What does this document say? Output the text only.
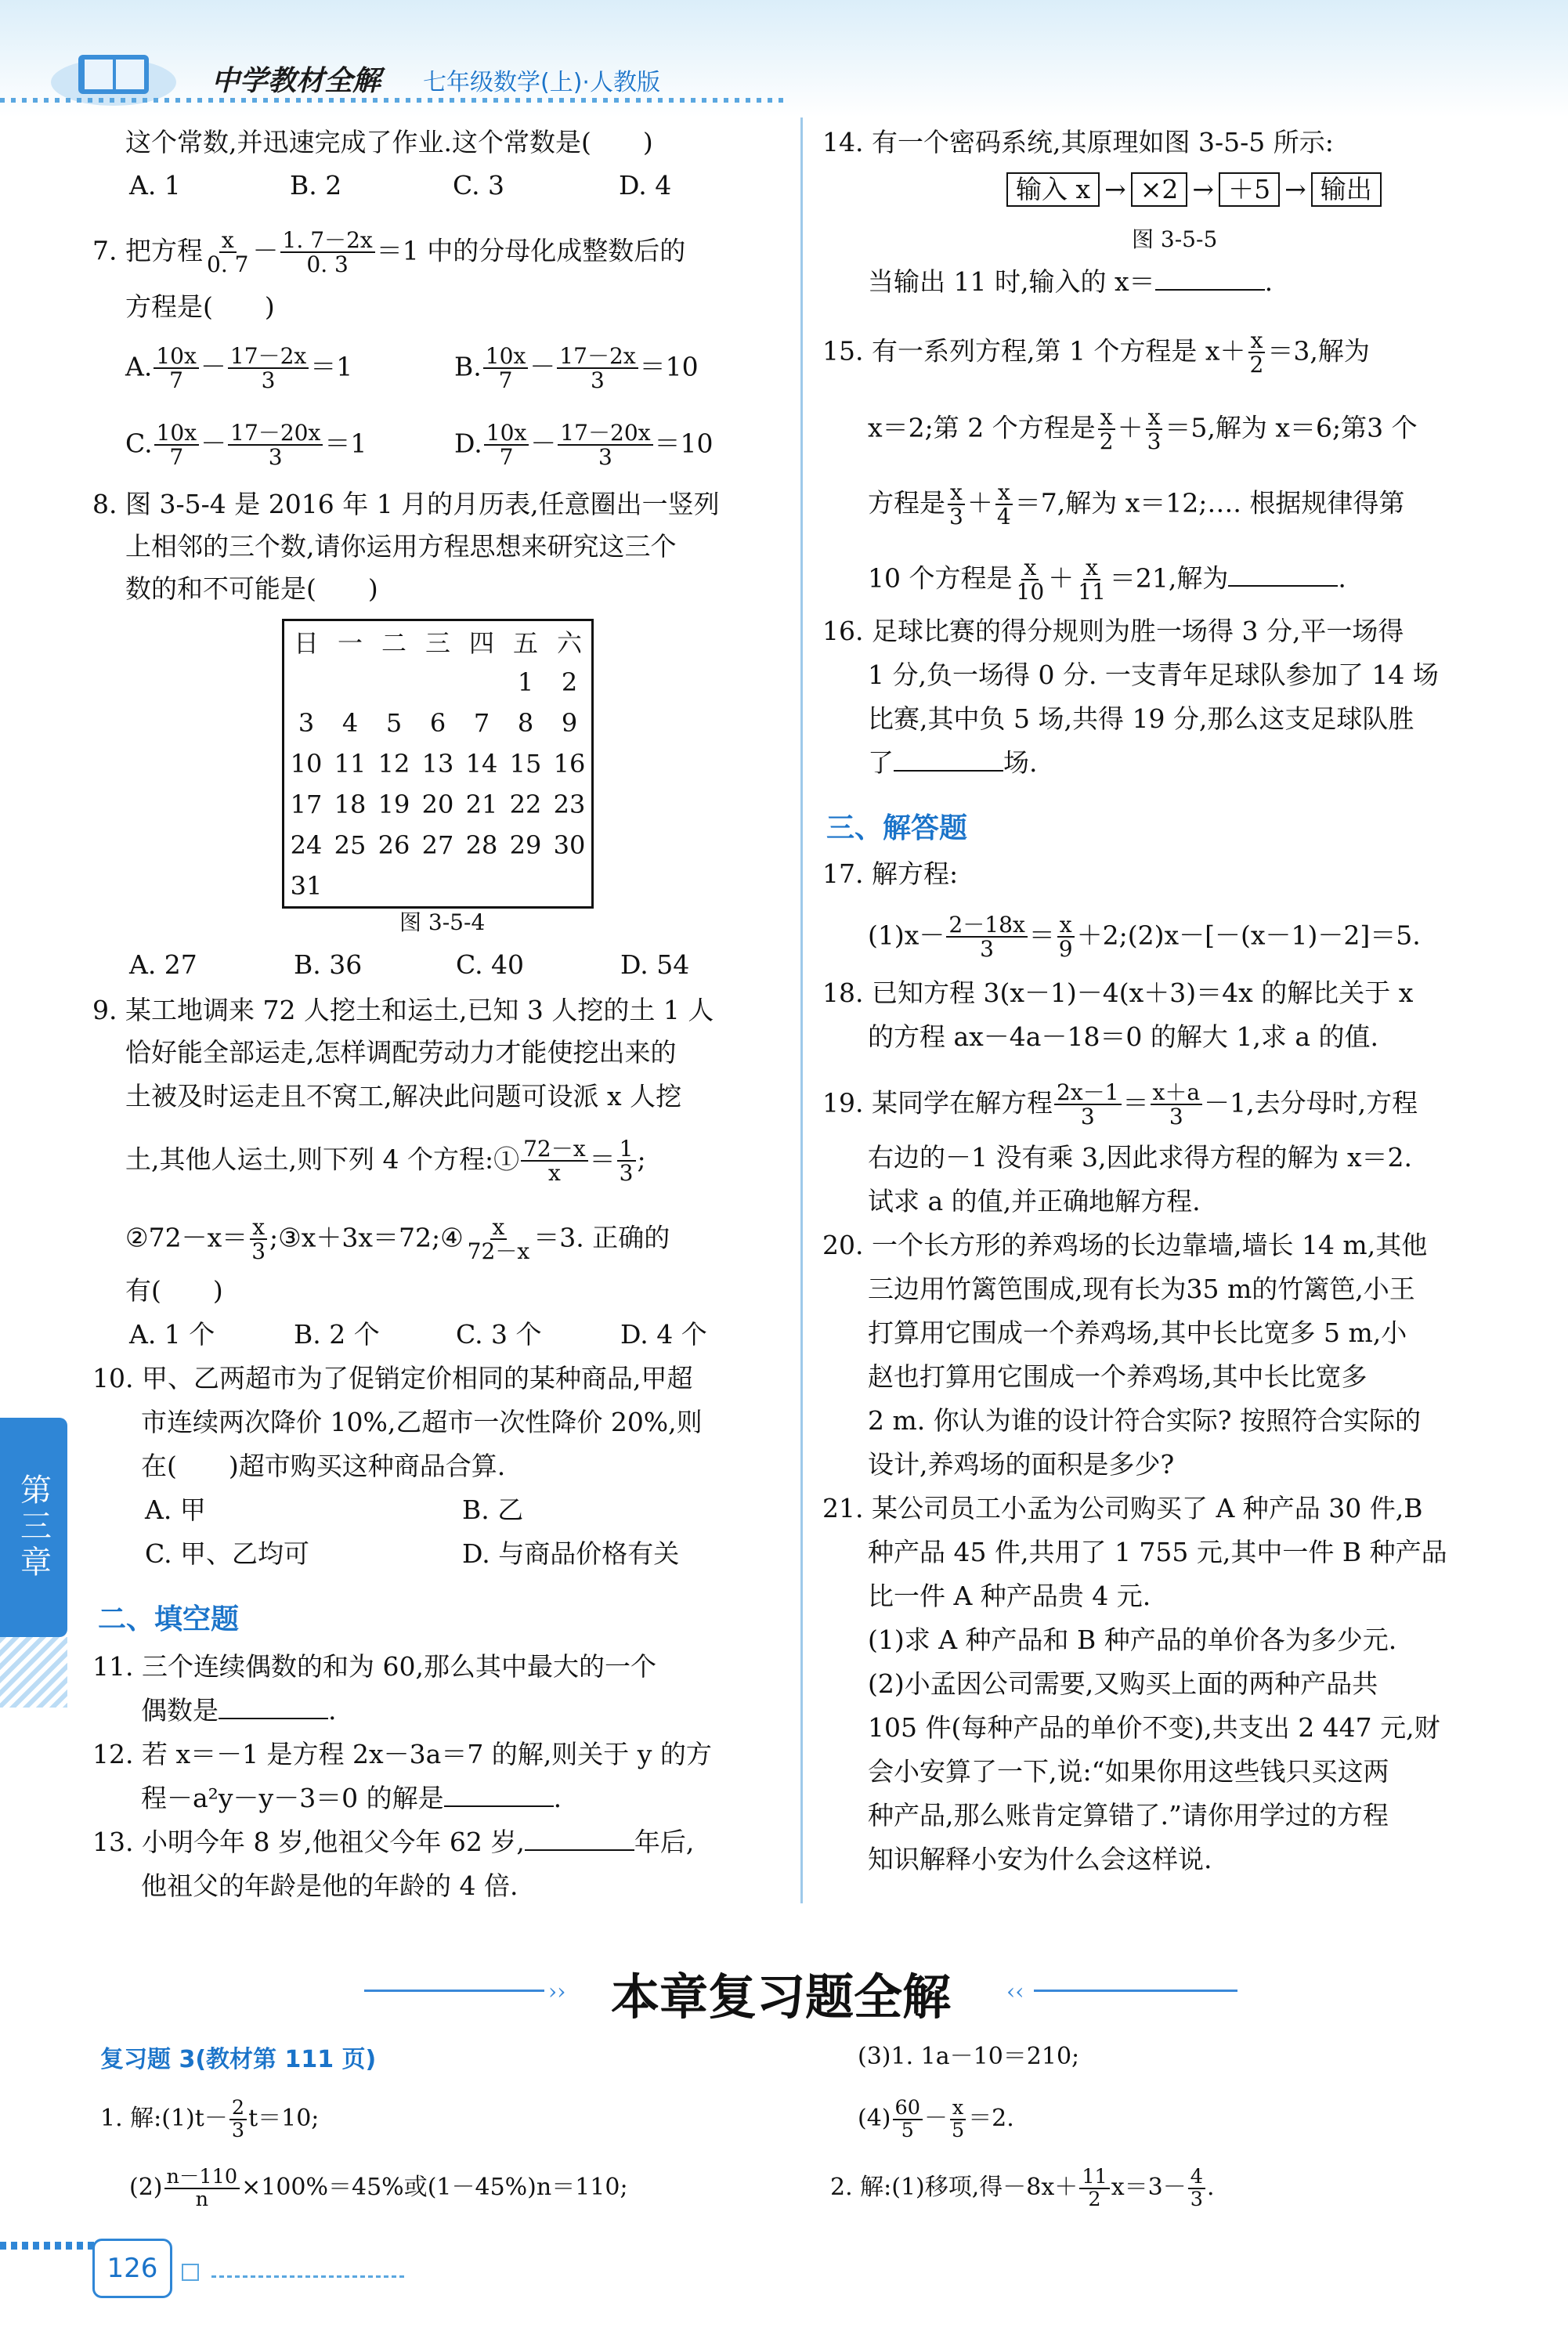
中学教材全解 七年级数学(上)·人教版
第三章
这个常数,并迅速完成了作业.这个常数是(　　)
A. 1	B. 2	C. 3	D. 4
7. 把方程 $\frac{x}{0. 7} - \frac{1. 7-2x}{0. 3} =1$ 中的分母化成整数后的
方程是(　　)
A. $\frac{10x}{7} - \frac{17-2x}{3} =1$	B. $\frac{10x}{7} - \frac{17-2x}{3} =10$
C. $\frac{10x}{7} - \frac{17-20x}{3} =1$	D. $\frac{10x}{7} - \frac{17-20x}{3} =10$
8. 图 3-5-4 是 2016 年 1 月的月历表,任意圈出一竖列
上相邻的三个数,请你运用方程思想来研究这三个
数的和不可能是(　　)
日	一	二	三	四	五	六
					1	2
3	4	5	6	7	8	9
10	11	12	13	14	15	16
17	18	19	20	21	22	23
24	25	26	27	28	29	30
31						
图 3-5-4
A. 27	B. 36	C. 40	D. 54
9. 某工地调来 72 人挖土和运土,已知 3 人挖的土 1 人
恰好能全部运走,怎样调配劳动力才能使挖出来的
土被及时运走且不窝工,解决此问题可设派 x 人挖
土,其他人运土,则下列 4 个方程:① $\frac{72-x}{x} = \frac{1}{3}$ ;
②72－x＝ $\frac{x}{3}$ ;③x＋3x＝72;④ $\frac{x}{72-x} =3$. 正确的
有(　　)
A. 1 个	B. 2 个	C. 3 个	D. 4 个
10. 甲、乙两超市为了促销定价相同的某种商品,甲超
市连续两次降价 10%,乙超市一次性降价 20%,则
在(　　)超市购买这种商品合算.
A. 甲	B. 乙
C. 甲、乙均可	D. 与商品价格有关
二、填空题
11. 三个连续偶数的和为 60,那么其中最大的一个
偶数是	.
12. 若 x＝－1 是方程 2x－3a＝7 的解,则关于 y 的方
程－a²y－y－3＝0 的解是	.
13. 小明今年 8 岁,他祖父今年 62 岁,	年后,
他祖父的年龄是他的年龄的 4 倍.
14. 有一个密码系统,其原理如图 3-5-5 所示:
输入 x → ×2 → ＋5 → 输出
图 3-5-5
当输出 11 时,输入的 x＝	.
15. 有一系列方程,第 1 个方程是 $x+ \frac{x}{2} =3$,解为
x＝2;第 2 个方程是 $\frac{x}{2} + \frac{x}{3} =5$,解为 x＝6;第3 个
方程是 $\frac{x}{3} + \frac{x}{4} =7$,解为 x＝12;…. 根据规律得第
10 个方程是 $\frac{x}{10} + \frac{x}{11} =21$,解为	.
16. 足球比赛的得分规则为胜一场得 3 分,平一场得
1 分,负一场得 0 分. 一支青年足球队参加了 14 场
比赛,其中负 5 场,共得 19 分,那么这支足球队胜
了	场.
三、解答题
17. 解方程:
$(1)x- \frac{2-18x}{3} = \frac{x}{9}$ ＋2;(2)x－[－(x－1)－2]＝5.
18. 已知方程 3(x－1)－4(x＋3)＝4x 的解比关于 x
的方程 ax－4a－18＝0 的解大 1,求 a 的值.
19. 某同学在解方程 $\frac{2x-1}{3} = \frac{x+a}{3} -1$,去分母时,方程
右边的－1 没有乘 3,因此求得方程的解为 x＝2.
试求 a 的值,并正确地解方程.
20. 一个长方形的养鸡场的长边靠墙,墙长 14 m,其他
三边用竹篱笆围成,现有长为35 m的竹篱笆,小王
打算用它围成一个养鸡场,其中长比宽多 5 m,小
赵也打算用它围成一个养鸡场,其中长比宽多
2 m. 你认为谁的设计符合实际? 按照符合实际的
设计,养鸡场的面积是多少?
21. 某公司员工小孟为公司购买了 A 种产品 30 件,B
种产品 45 件,共用了 1 755 元,其中一件 B 种产品
比一件 A 种产品贵 4 元.
(1)求 A 种产品和 B 种产品的单价各为多少元.
(2)小孟因公司需要,又购买上面的两种产品共
105 件(每种产品的单价不变),共支出 2 447 元,财
会小安算了一下,说:“如果你用这些钱只买这两
种产品,那么账肯定算错了.”请你用学过的方程
知识解释小安为什么会这样说.
›› 本章复习题全解	‹‹
复习题 3(教材第 111 页)
1. 解:(1)t－ $\frac{2}{3} t=10$;
$(2) \frac{n-110}{n} \times 100\%=45\%$或(1－45%)n＝110;
(3)1. 1a－10＝210;
$(4) \frac{60}{5} - \frac{x}{5} =2$.
2. 解:(1)移项,得$-8x+ \frac{11}{2} x=3- \frac{4}{3}$ .
126
